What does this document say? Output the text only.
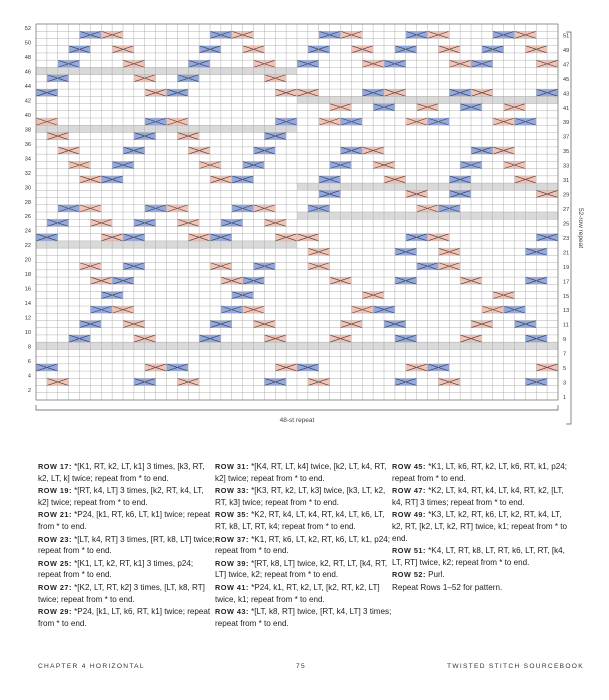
52
50
48
46
44
42
40
38
36
34
32
30
28
26
24
22
20
18
16
14
12
10
8
6
4
2
51
49
47
45
43
41
39
37
35
33
31
29
27
25
23
21
19
17
15
13
11
9
7
5
3
1
52-row repeat
48-st repeat

ROW 17: *[K1, RT, k2, LT, k1] 3 times, [k3, RT, k2, LT, k] twice; repeat from * to end.

ROW 19: *[RT, k4, LT] 3 times, [k2, RT, k4, LT, k2] twice; repeat from * to end.

ROW 21: *P24, [k1, RT, k6, LT, k1] twice; repeat from * to end.

ROW 23: *[LT, k4, RT] 3 times, [RT, k8, LT] twice; repeat from * to end.

ROW 25: *[K1, LT, k2, RT, k1] 3 times, p24; repeat from * to end.

ROW 27: *[K2, LT, RT, k2] 3 times, [LT, k8, RT] twice; repeat from * to end.

ROW 29: *P24, [k1, LT, k6, RT, k1] twice; repeat from * to end.

ROW 31: *[K4, RT, LT, k4] twice, [k2, LT, k4, RT, k2] twice; repeat from * to end.

ROW 33: *[K3, RT, k2, LT, k3] twice, [k3, LT, k2, RT, k3] twice; repeat from * to end.

ROW 35: *K2, RT, k4, LT, k4, RT, k4, LT, k6, LT, RT, k8, LT, RT, k4; repeat from * to end.

ROW 37: *K1, RT, k6, LT, k2, RT, k6, LT, k1, p24; repeat from * to end.

ROW 39: *[RT, k8, LT] twice, k2, RT, LT, [k4, RT, LT] twice, k2; repeat from * to end.

ROW 41: *P24, k1, RT, k2, LT, [k2, RT, k2, LT] twice, k1; repeat from * to end.

ROW 43: *[LT, k8, RT] twice, [RT, k4, LT] 3 times; repeat from * to end.

ROW 45: *K1, LT, k6, RT, k2, LT, k6, RT, k1, p24; repeat from * to end.

ROW 47: *K2, LT, k4, RT, k4, LT, k4, RT, k2, [LT, k4, RT] 3 times; repeat from * to end.

ROW 49: *K3, LT, k2, RT, k6, LT, k2, RT, k4, LT, k2, RT, [k2, LT, k2, RT] twice, k1; repeat from * to end.

ROW 51: *K4, LT, RT, k8, LT, RT, k6, LT, RT, [k4, LT, RT] twice, k2; repeat from * to end.

ROW 52: Purl.

Repeat Rows 1–52 for pattern.

CHAPTER 4 HORIZONTAL	75	TWISTED STITCH SOURCEBOOK
